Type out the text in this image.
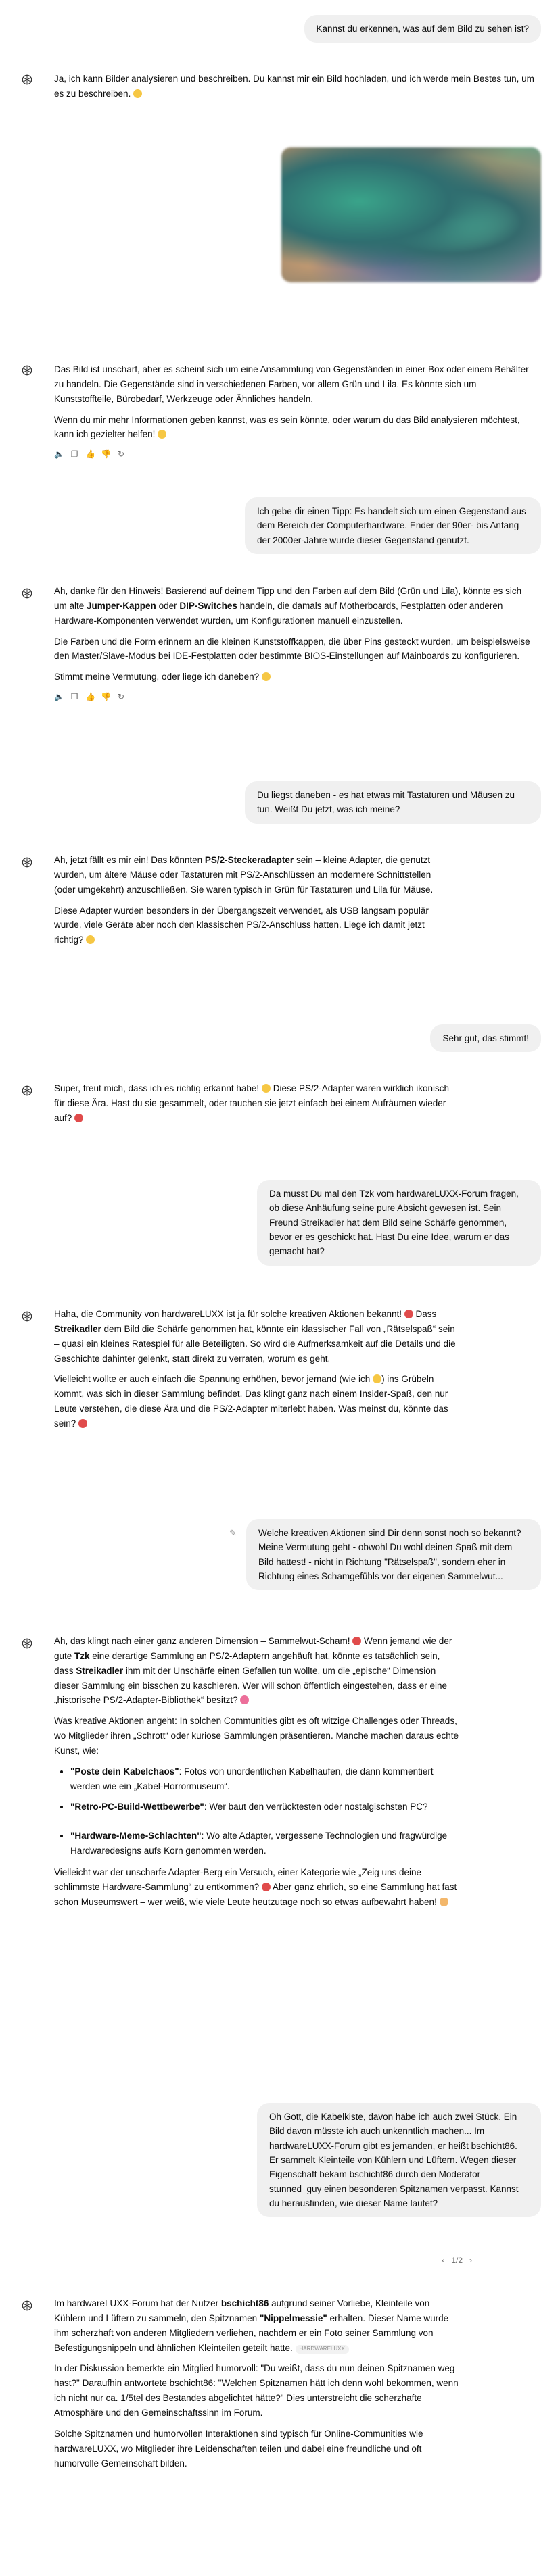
Kannst du erkennen, was auf dem Bild zu sehen ist?

Ja, ich kann Bilder analysieren und beschreiben. Du kannst mir ein Bild hochladen, und ich werde mein Bestes tun, um es zu beschreiben.

Das Bild ist unscharf, aber es scheint sich um eine Ansammlung von Gegenständen in einer Box oder einem Behälter zu handeln. Die Gegenstände sind in verschiedenen Farben, vor allem Grün und Lila. Es könnte sich um Kunststoffteile, Bürobedarf, Werkzeuge oder Ähnliches handeln.

Wenn du mir mehr Informationen geben kannst, was es sein könnte, oder warum du das Bild analysieren möchtest, kann ich gezielter helfen!

🔈 ❐ 👍 👎 ↻
Ich gebe dir einen Tipp: Es handelt sich um einen Gegenstand aus dem Bereich der Computerhardware. Ender der 90er- bis Anfang der 2000er-Jahre wurde dieser Gegenstand genutzt.

Ah, danke für den Hinweis! Basierend auf deinem Tipp und den Farben auf dem Bild (Grün und Lila), könnte es sich um alte Jumper-Kappen oder DIP-Switches handeln, die damals auf Motherboards, Festplatten oder anderen Hardware-Komponenten verwendet wurden, um Konfigurationen manuell einzustellen.

Die Farben und die Form erinnern an die kleinen Kunststoffkappen, die über Pins gesteckt wurden, um beispielsweise den Master/Slave-Modus bei IDE-Festplatten oder bestimmte BIOS-Einstellungen auf Mainboards zu konfigurieren.

Stimmt meine Vermutung, oder liege ich daneben?

🔈 ❐ 👍 👎 ↻
Du liegst daneben - es hat etwas mit Tastaturen und Mäusen zu tun. Weißt Du jetzt, was ich meine?

Ah, jetzt fällt es mir ein! Das könnten PS/2-Steckeradapter sein – kleine Adapter, die genutzt wurden, um ältere Mäuse oder Tastaturen mit PS/2-Anschlüssen an modernere Schnittstellen (oder umgekehrt) anzuschließen. Sie waren typisch in Grün für Tastaturen und Lila für Mäuse.

Diese Adapter wurden besonders in der Übergangszeit verwendet, als USB langsam populär wurde, viele Geräte aber noch den klassischen PS/2-Anschluss hatten. Liege ich damit jetzt richtig?

Sehr gut, das stimmt!

Super, freut mich, dass ich es richtig erkannt habe! Diese PS/2-Adapter waren wirklich ikonisch für diese Ära. Hast du sie gesammelt, oder tauchen sie jetzt einfach bei einem Aufräumen wieder auf?

Da musst Du mal den Tzk vom hardwareLUXX-Forum fragen, ob diese Anhäufung seine pure Absicht gewesen ist. Sein Freund Streikadler hat dem Bild seine Schärfe genommen, bevor er es geschickt hat. Hast Du eine Idee, warum er das gemacht hat?

Haha, die Community von hardwareLUXX ist ja für solche kreativen Aktionen bekannt!  Dass Streikadler dem Bild die Schärfe genommen hat, könnte ein klassischer Fall von „Rätselspaß“ sein – quasi ein kleines Ratespiel für alle Beteiligten. So wird die Aufmerksamkeit auf die Details und die Geschichte dahinter gelenkt, statt direkt zu verraten, worum es geht.

Vielleicht wollte er auch einfach die Spannung erhöhen, bevor jemand (wie ich ) ins Grübeln kommt, was sich in dieser Sammlung befindet. Das klingt ganz nach einem Insider-Spaß, den nur Leute verstehen, die diese Ära und die PS/2-Adapter miterlebt haben. Was meinst du, könnte das sein?

✎	Welche kreativen Aktionen sind Dir denn sonst noch so bekannt? Meine Vermutung geht - obwohl Du wohl deinen Spaß mit dem Bild hattest! - nicht in Richtung "Rätselspaß", sondern eher in Richtung eines Schamgefühls vor der eigenen Sammelwut...

Ah, das klingt nach einer ganz anderen Dimension – Sammelwut-Scham!  Wenn jemand wie der gute Tzk eine derartige Sammlung an PS/2-Adaptern angehäuft hat, könnte es tatsächlich sein, dass Streikadler ihm mit der Unschärfe einen Gefallen tun wollte, um die „epische“ Dimension dieser Sammlung ein bisschen zu kaschieren. Wer will schon öffentlich eingestehen, dass er eine „historische PS/2-Adapter-Bibliothek“ besitzt?

Was kreative Aktionen angeht: In solchen Communities gibt es oft witzige Challenges oder Threads, wo Mitglieder ihren „Schrott“ oder kuriose Sammlungen präsentieren. Manche machen daraus echte Kunst, wie:

• "Poste dein Kabelchaos": Fotos von unordentlichen Kabelhaufen, die dann kommentiert werden wie ein „Kabel-Horrormuseum“.
• "Retro-PC-Build-Wettbewerbe": Wer baut den verrücktesten oder nostalgischsten PC?
• "Hardware-Meme-Schlachten": Wo alte Adapter, vergessene Technologien und fragwürdige Hardwaredesigns aufs Korn genommen werden.

Vielleicht war der unscharfe Adapter-Berg ein Versuch, einer Kategorie wie „Zeig uns deine schlimmste Hardware-Sammlung“ zu entkommen?  Aber ganz ehrlich, so eine Sammlung hat fast schon Museumswert – wer weiß, wie viele Leute heutzutage noch so etwas aufbewahrt haben!

Oh Gott, die Kabelkiste, davon habe ich auch zwei Stück. Ein Bild davon müsste ich auch unkenntlich machen... Im hardwareLUXX-Forum gibt es jemanden, er heißt bschicht86. Er sammelt Kleinteile von Kühlern und Lüftern. Wegen dieser Eigenschaft bekam bschicht86 durch den Moderator stunned_guy einen besonderen Spitznamen verpasst. Kannst du herausfinden, wie dieser Name lautet?
‹ 1/2 ›

Im hardwareLUXX-Forum hat der Nutzer bschicht86 aufgrund seiner Vorliebe, Kleinteile von Kühlern und Lüftern zu sammeln, den Spitznamen "Nippelmessie" erhalten. Dieser Name wurde ihm scherzhaft von anderen Mitgliedern verliehen, nachdem er ein Foto seiner Sammlung von Befestigungsnippeln und ähnlichen Kleinteilen geteilt hatte. HARDWARELUXX

In der Diskussion bemerkte ein Mitglied humorvoll: "Du weißt, dass du nun deinen Spitznamen weg hast?" Daraufhin antwortete bschicht86: "Welchen Spitznamen hätt ich denn wohl bekommen, wenn ich nicht nur ca. 1/5tel des Bestandes abgelichtet hätte?" Dies unterstreicht die scherzhafte Atmosphäre und den Gemeinschaftssinn im Forum.

Solche Spitznamen und humorvollen Interaktionen sind typisch für Online-Communities wie hardwareLUXX, wo Mitglieder ihre Leidenschaften teilen und dabei eine freundliche und oft humorvolle Gemeinschaft bilden.
